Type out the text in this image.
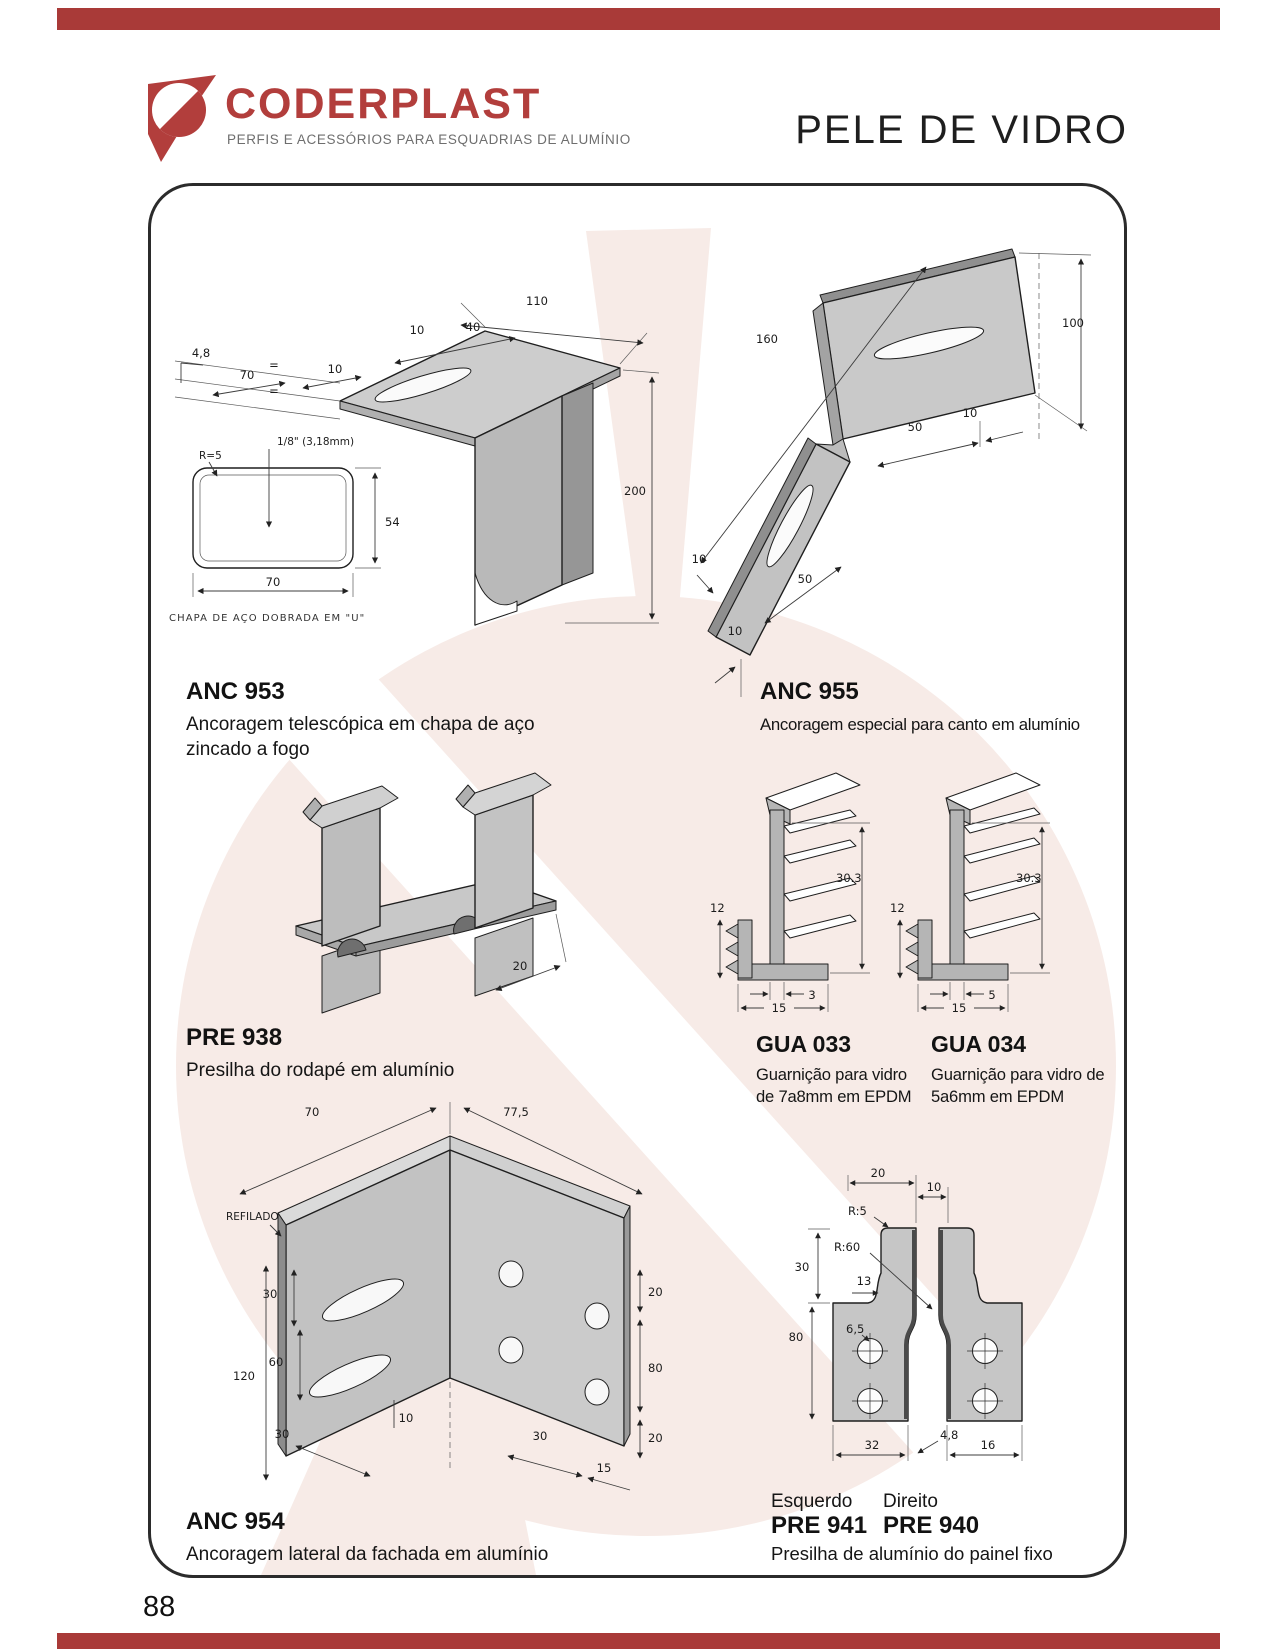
CODERPLAST
PERFIS E ACESSÓRIOS PARA ESQUADRIAS DE ALUMÍNIO	PELE DE VIDRO
110
10	40
4,8
70
=
=
10
200
R=5
1/8" (3,18mm)
54
70
CHAPA DE AÇO DOBRADA EM "U"
160
100
50
10
50
10
10
20
30.3
12
3
15
30.3
12
5
15
70	77,5
REFILADO
30
60
120
10
30	30
15
20
80
20
20
10
R:5
R:60
30
13
80
6,5
32
4,8
16
ANC 953
Ancoragem telescópica em chapa de aço zincado a fogo
ANC 955
Ancoragem especial para canto em alumínio
PRE 938
Presilha do rodapé em alumínio
GUA 033
Guarnição para vidro de 7a8mm em EPDM
GUA 034
Guarnição para vidro de 5a6mm em EPDM
ANC 954
Ancoragem lateral da fachada em alumínio
Esquerdo Direito
PRE 941 PRE 940
Presilha de alumínio do painel fixo
88
